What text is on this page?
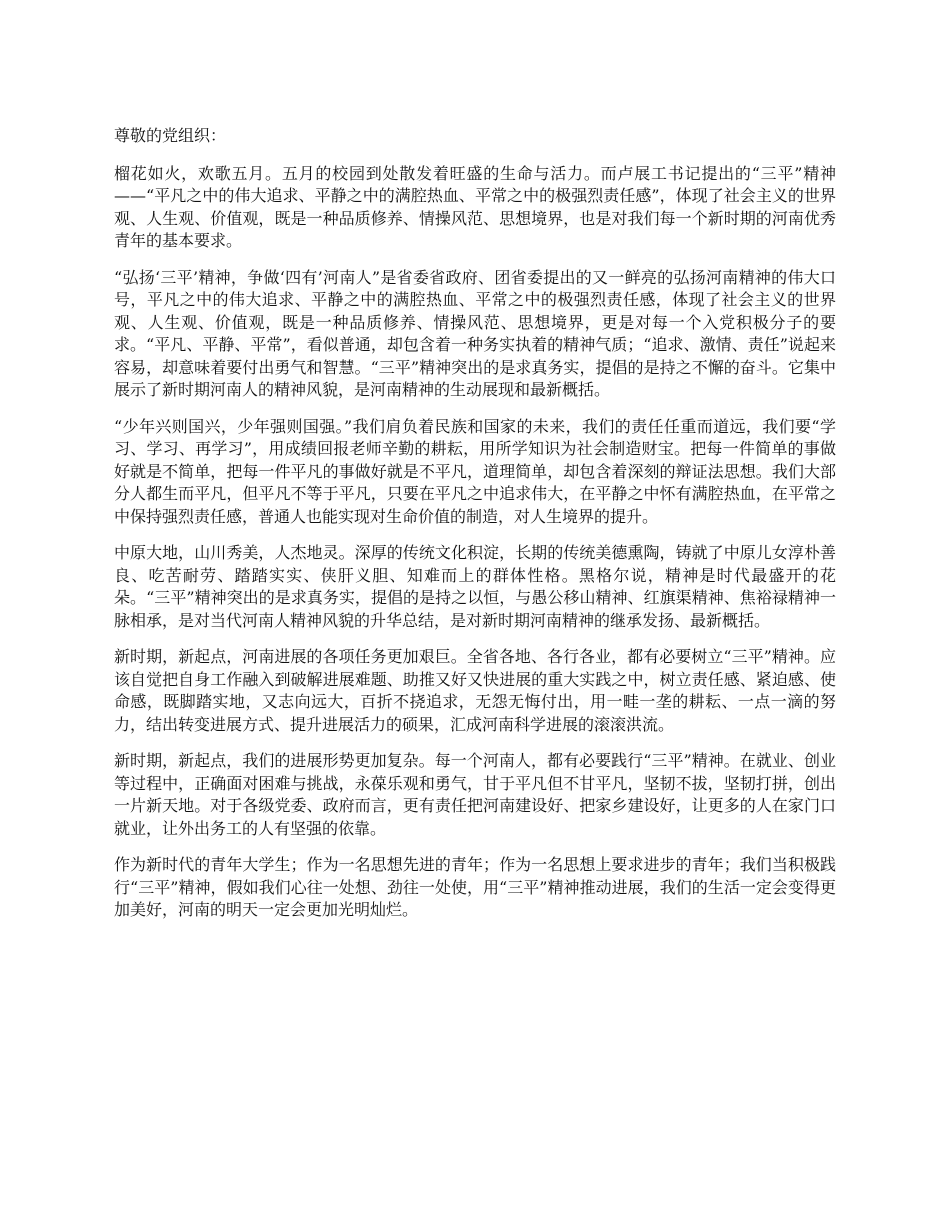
尊敬的党组织：

榴花如火，欢歌五月。五月的校园到处散发着旺盛的生命与活力。而卢展工书记提出的“三平”精神——“平凡之中的伟大追求、平静之中的满腔热血、平常之中的极强烈责任感”，体现了社会主义的世界观、人生观、价值观，既是一种品质修养、情操风范、思想境界，也是对我们每一个新时期的河南优秀青年的基本要求。

“弘扬‘三平’精神，争做‘四有’河南人”是省委省政府、团省委提出的又一鲜亮的弘扬河南精神的伟大口号，平凡之中的伟大追求、平静之中的满腔热血、平常之中的极强烈责任感，体现了社会主义的世界观、人生观、价值观，既是一种品质修养、情操风范、思想境界，更是对每一个入党积极分子的要求。“平凡、平静、平常”，看似普通，却包含着一种务实执着的精神气质；“追求、激情、责任”说起来容易，却意味着要付出勇气和智慧。“三平”精神突出的是求真务实，提倡的是持之不懈的奋斗。它集中展示了新时期河南人的精神风貌，是河南精神的生动展现和最新概括。

“少年兴则国兴，少年强则国强。”我们肩负着民族和国家的未来，我们的责任任重而道远，我们要“学习、学习、再学习”，用成绩回报老师辛勤的耕耘，用所学知识为社会制造财宝。把每一件简单的事做好就是不简单，把每一件平凡的事做好就是不平凡，道理简单，却包含着深刻的辩证法思想。我们大部分人都生而平凡，但平凡不等于平凡，只要在平凡之中追求伟大，在平静之中怀有满腔热血，在平常之中保持强烈责任感，普通人也能实现对生命价值的制造，对人生境界的提升。

中原大地，山川秀美，人杰地灵。深厚的传统文化积淀，长期的传统美德熏陶，铸就了中原儿女淳朴善良、吃苦耐劳、踏踏实实、侠肝义胆、知难而上的群体性格。黑格尔说，精神是时代最盛开的花朵。“三平”精神突出的是求真务实，提倡的是持之以恒，与愚公移山精神、红旗渠精神、焦裕禄精神一脉相承，是对当代河南人精神风貌的升华总结，是对新时期河南精神的继承发扬、最新概括。

新时期，新起点，河南进展的各项任务更加艰巨。全省各地、各行各业，都有必要树立“三平”精神。应该自觉把自身工作融入到破解进展难题、助推又好又快进展的重大实践之中，树立责任感、紧迫感、使命感，既脚踏实地，又志向远大，百折不挠追求，无怨无悔付出，用一畦一垄的耕耘、一点一滴的努力，结出转变进展方式、提升进展活力的硕果，汇成河南科学进展的滚滚洪流。

新时期，新起点，我们的进展形势更加复杂。每一个河南人，都有必要践行“三平”精神。在就业、创业等过程中，正确面对困难与挑战，永葆乐观和勇气，甘于平凡但不甘平凡，坚韧不拔，坚韧打拼，创出一片新天地。对于各级党委、政府而言，更有责任把河南建设好、把家乡建设好，让更多的人在家门口就业，让外出务工的人有坚强的依靠。

作为新时代的青年大学生；作为一名思想先进的青年；作为一名思想上要求进步的青年；我们当积极践行“三平”精神，假如我们心往一处想、劲往一处使，用“三平”精神推动进展，我们的生活一定会变得更加美好，河南的明天一定会更加光明灿烂。
